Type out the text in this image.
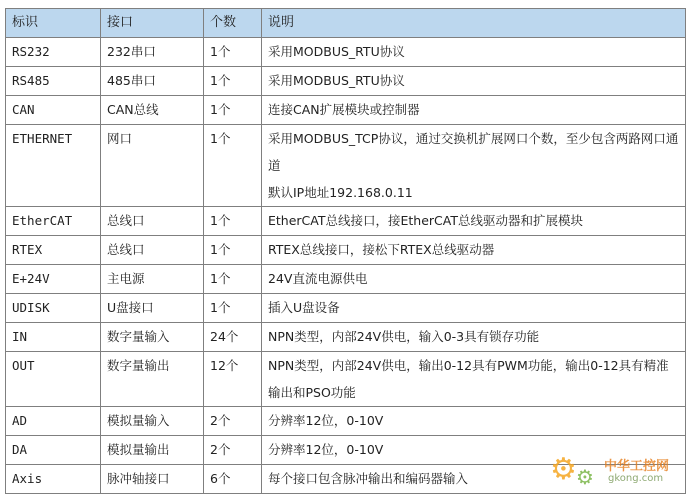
标识	接口	个数	说明
RS232	232串口	1个	采用MODBUS_RTU协议
RS485	485串口	1个	采用MODBUS_RTU协议
CAN	CAN总线	1个	连接CAN扩展模块或控制器
ETHERNET	网口	1个	采用MODBUS_TCP协议，通过交换机扩展网口个数，至少包含两路网口通道
默认IP地址192.168.0.11

EtherCAT	总线口	1个	EtherCAT总线接口，接EtherCAT总线驱动器和扩展模块
RTEX	总线口	1个	RTEX总线接口，接松下RTEX总线驱动器
E+24V	主电源	1个	24V直流电源供电
UDISK	U盘接口	1个	插入U盘设备
IN	数字量输入	24个	NPN类型，内部24V供电，输入0-3具有锁存功能
OUT	数字量输出	12个	NPN类型，内部24V供电，输出0-12具有PWM功能，输出0-12具有精准输出和PSO功能
AD	模拟量输入	2个	分辨率12位，0-10V
DA	模拟量输出	2个	分辨率12位，0-10V
Axis	脉冲轴接口	6个	每个接口包含脉冲输出和编码器输入	⚙ ⚙ 中华工控网
gkong.com
